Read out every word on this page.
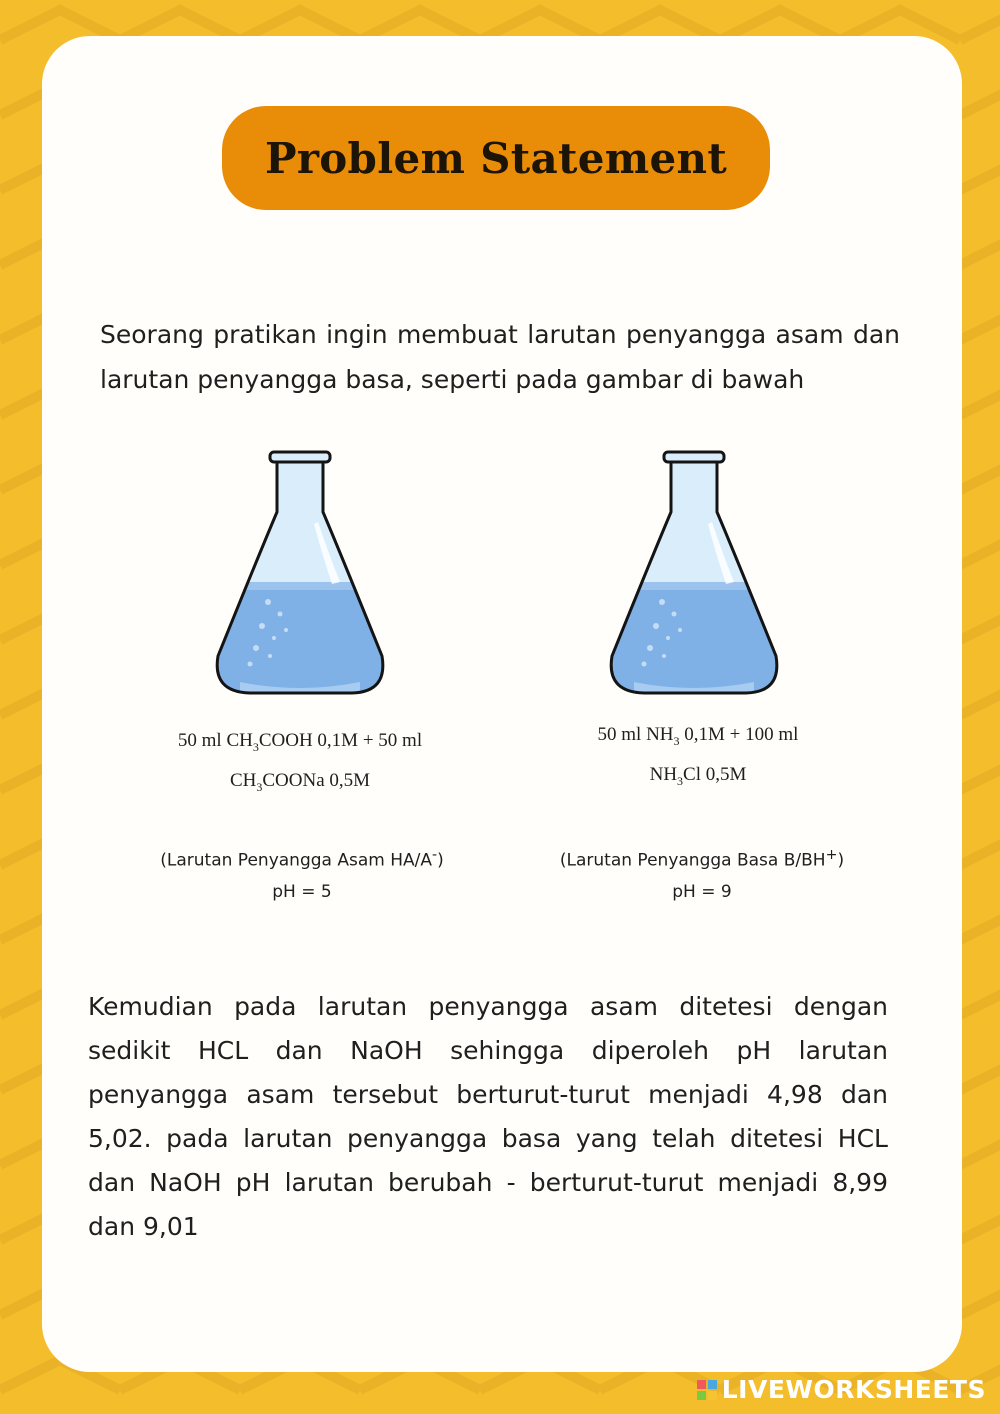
Problem Statement

Seorang pratikan ingin membuat larutan penyangga asam dan larutan penyangga basa, seperti pada gambar di bawah

50 ml $CH_3COOH$ 0,1M + 50 ml
$CH_3COONa$ 0,5M
50 ml $NH_3$ 0,1M + 100 ml
$NH_3Cl$ 0,5M
(Larutan Penyangga Asam HA/A-)
pH = 5
(Larutan Penyangga Basa B/BH+)
pH = 9

Kemudian pada larutan penyangga asam ditetesi dengan sedikit HCL dan NaOH sehingga diperoleh pH larutan penyangga asam tersebut berturut-turut menjadi 4,98 dan 5,02. pada larutan penyangga basa yang telah ditetesi HCL dan NaOH pH larutan berubah - berturut-turut menjadi 8,99 dan 9,01

LIVEWORKSHEETS
